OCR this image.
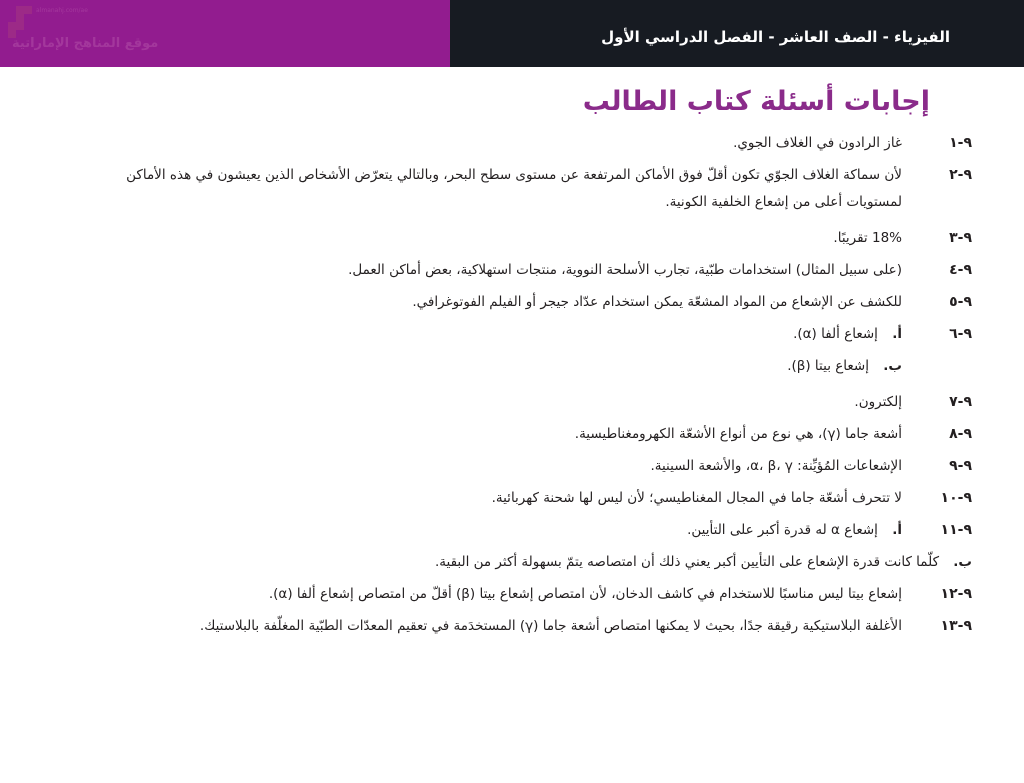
almanahj.com/ae
موقع المناهج الإماراتية	الفيزياء - الصف العاشر - الفصل الدراسي الأول
إجابات أسئلة كتاب الطالب
٩-١
غاز الرادون في الغلاف الجوي.
٩-٢
لأن سماكة الغلاف الجوّي تكون أقلّ فوق الأماكن المرتفعة عن مستوى سطح البحر، وبالتالي يتعرّض الأشخاص الذين يعيشون في هذه الأماكن لمستويات أعلى من إشعاع الخلفية الكونية.
٩-٣
18% تقريبًا.
٩-٤
(على سبيل المثال) استخدامات طبّية، تجارب الأسلحة النووية، منتجات استهلاكية، بعض أماكن العمل.
٩-٥
للكشف عن الإشعاع من المواد المشعّة يمكن استخدام عدّاد جيجر أو الفيلم الفوتوغرافي.
٩-٦
أ. إشعاع ألفا (α).
ب. إشعاع بيتا (β).
٩-٧
إلكترون.
٩-٨
أشعة جاما (γ)، هي نوع من أنواع الأشعّة الكهرومغناطيسية.
٩-٩
الإشعاعات المُؤيِّنة: α، β، γ، والأشعة السينية.
٩-١٠
لا تتحرف أشعّة جاما في المجال المغناطيسي؛ لأن ليس لها شحنة كهربائية.
٩-١١
أ. إشعاع α له قدرة أكبر على التأيين.
ب. كلّما كانت قدرة الإشعاع على التأيين أكبر يعني ذلك أن امتصاصه يتمّ بسهولة أكثر من البقية.
٩-١٢
إشعاع بيتا ليس مناسبًا للاستخدام في كاشف الدخان، لأن امتصاص إشعاع بيتا (β) أقلّ من امتصاص إشعاع ألفا (α).
٩-١٣
الأغلفة البلاستيكية رقيقة جدًا، بحيث لا يمكنها امتصاص أشعة جاما (γ) المستخدَمة في تعقيم المعدّات الطبّية المغلّفة بالبلاستيك.
